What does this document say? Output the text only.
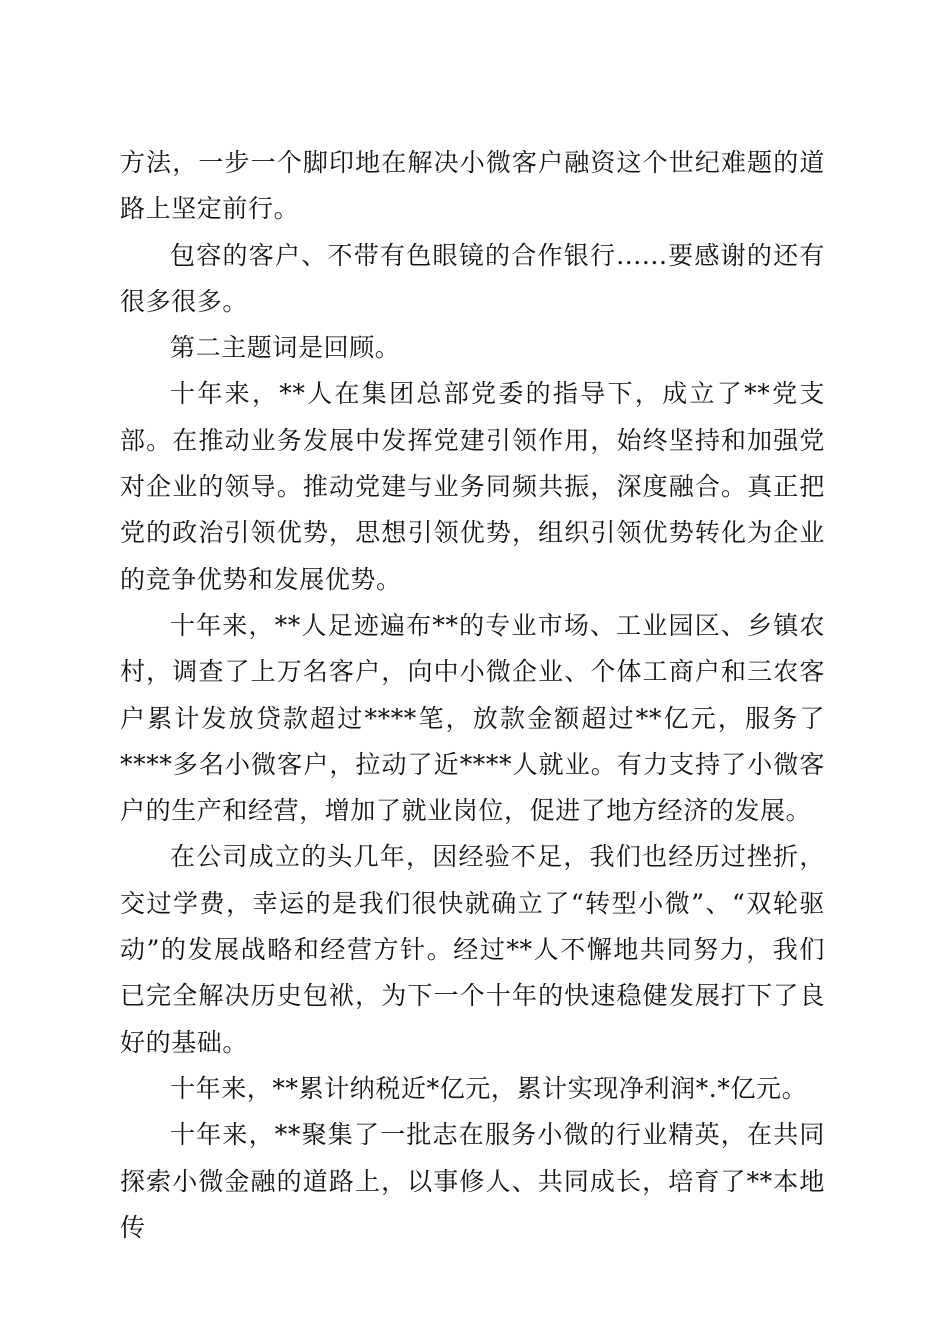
方法，一步一个脚印地在解决小微客户融资这个世纪难题的道路上坚定前行。

包容的客户、不带有色眼镜的合作银行......要感谢的还有很多很多。

第二主题词是回顾。

十年来，**人在集团总部党委的指导下，成立了**党支部。在推动业务发展中发挥党建引领作用，始终坚持和加强党对企业的领导。推动党建与业务同频共振，深度融合。真正把党的政治引领优势，思想引领优势，组织引领优势转化为企业的竞争优势和发展优势。

十年来，**人足迹遍布**的专业市场、工业园区、乡镇农村，调查了上万名客户，向中小微企业、个体工商户和三农客户累计发放贷款超过****笔，放款金额超过**亿元，服务了****多名小微客户，拉动了近****人就业。有力支持了小微客户的生产和经营，增加了就业岗位，促进了地方经济的发展。

在公司成立的头几年，因经验不足，我们也经历过挫折，交过学费，幸运的是我们很快就确立了“转型小微”、“双轮驱动”的发展战略和经营方针。经过**人不懈地共同努力，我们已完全解决历史包袱，为下一个十年的快速稳健发展打下了良好的基础。

十年来，**累计纳税近*亿元，累计实现净利润*.*亿元。

十年来，**聚集了一批志在服务小微的行业精英，在共同探索小微金融的道路上，以事修人、共同成长，培育了**本地传
